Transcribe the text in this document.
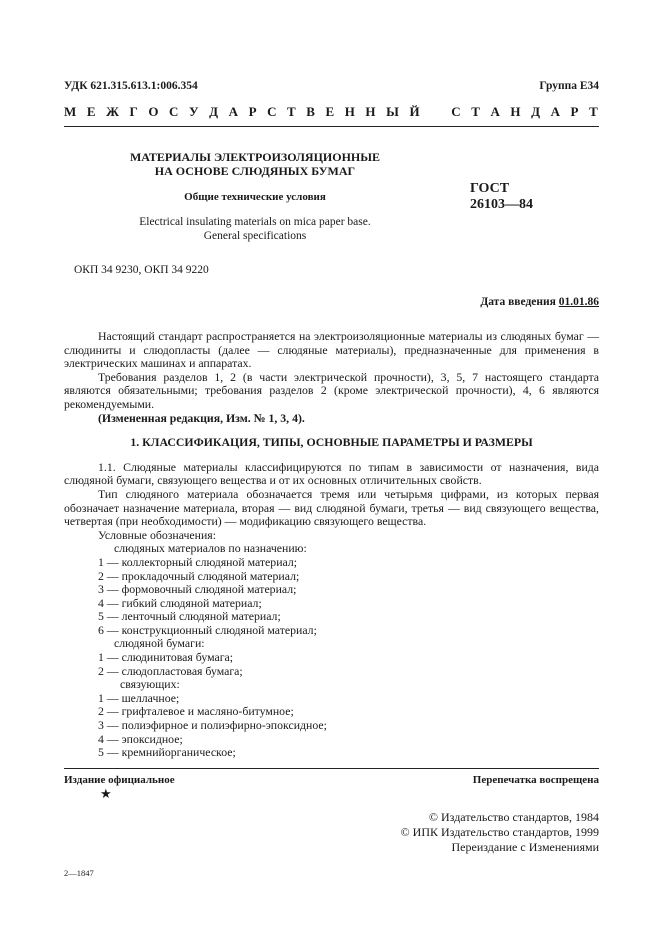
УДК 621.315.613.1:006.354	Группа Е34
М Е Ж Г О С У Д А Р С Т В Е Н Н Ы Й С Т А Н Д А Р Т
МАТЕРИАЛЫ ЭЛЕКТРОИЗОЛЯЦИОННЫЕ
НА ОСНОВЕ СЛЮДЯНЫХ БУМАГ
Общие технические условия
Electrical insulating materials on mica paper base.
General specifications
ГОСТ
26103—84
ОКП 34 9230, ОКП 34 9220
Дата введения 01.01.86

Настоящий стандарт распространяется на электроизоляционные материалы из слюдяных бумаг — слюдиниты и слюдопласты (далее — слюдяные материалы), предназначенные для применения в электрических машинах и аппаратах.

Требования разделов 1, 2 (в части электрической прочности), 3, 5, 7 настоящего стандарта являются обязательными; требования разделов 2 (кроме электрической прочности), 4, 6 являются рекомендуемыми.

(Измененная редакция, Изм. № 1, 3, 4).

1. КЛАССИФИКАЦИЯ, ТИПЫ, ОСНОВНЫЕ ПАРАМЕТРЫ И РАЗМЕРЫ

1.1. Слюдяные материалы классифицируются по типам в зависимости от назначения, вида слюдяной бумаги, связующего вещества и от их основных отличительных свойств.

Тип слюдяного материала обозначается тремя или четырьмя цифрами, из которых первая обозначает назначение материала, вторая — вид слюдяной бумаги, третья — вид связующего вещества, четвертая (при необходимости) — модификацию связующего вещества.

Условные обозначения:
слюдяных материалов по назначению:
1 — коллекторный слюдяной материал;
2 — прокладочный слюдяной материал;
3 — формовочный слюдяной материал;
4 — гибкий слюдяной материал;
5 — ленточный слюдяной материал;
6 — конструкционный слюдяной материал;
слюдяной бумаги:
1 — слюдинитовая бумага;
2 — слюдопластовая бумага;
связующих:
1 — шеллачное;
2 — грифталевое и масляно-битумное;
3 — полиэфирное и полиэфирно-эпоксидное;
4 — эпоксидное;
5 — кремнийорганическое;
Издание официальное	Перепечатка воспрещена
★
© Издательство стандартов, 1984
© ИПК Издательство стандартов, 1999
Переиздание с Изменениями
2—1847
